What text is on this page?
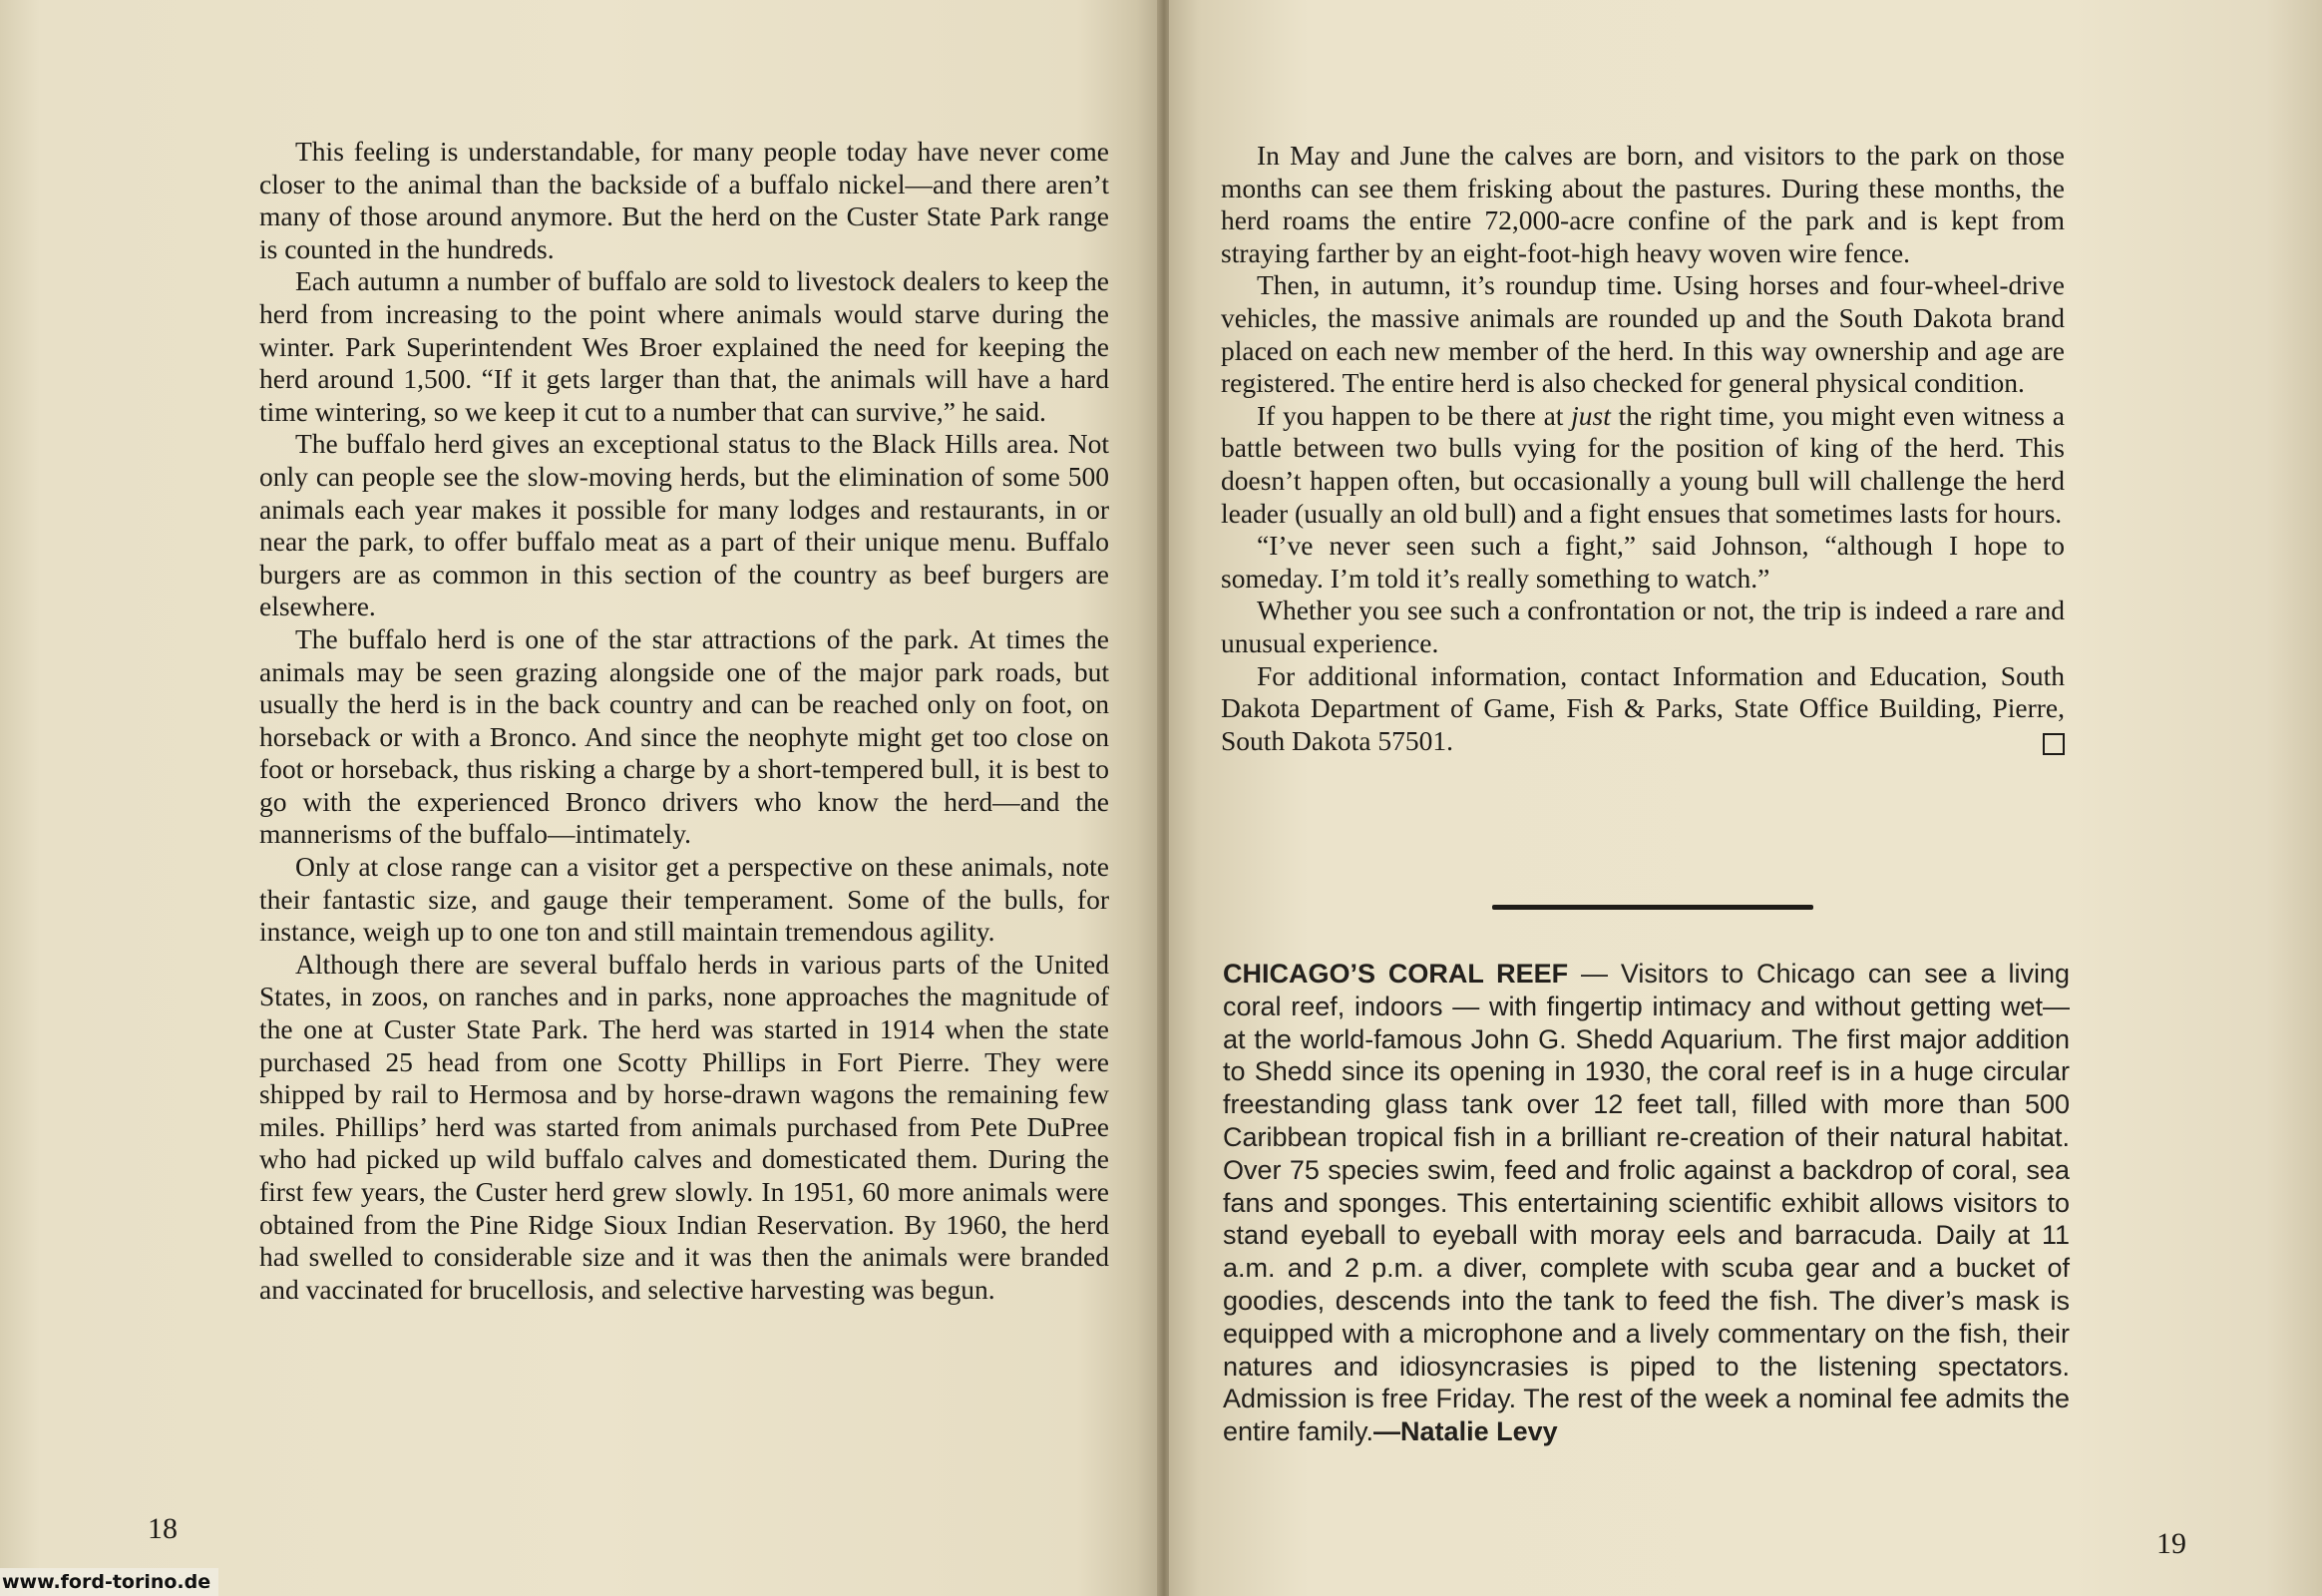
This feeling is understandable, for many people today have never come closer to the animal than the backside of a buffalo nickel—and there aren’t many of those around anymore. But the herd on the Custer State Park range is counted in the hundreds.

Each autumn a number of buffalo are sold to livestock dealers to keep the herd from increasing to the point where animals would starve during the winter. Park Superintendent Wes Broer explained the need for keeping the herd around 1,500. “If it gets larger than that, the animals will have a hard time wintering, so we keep it cut to a number that can survive,” he said.

The buffalo herd gives an exceptional status to the Black Hills area. Not only can people see the slow-moving herds, but the elimination of some 500 animals each year makes it possible for many lodges and restaurants, in or near the park, to offer buffalo meat as a part of their unique menu. Buffalo burgers are as common in this section of the country as beef burgers are elsewhere.

The buffalo herd is one of the star attractions of the park. At times the animals may be seen grazing alongside one of the major park roads, but usually the herd is in the back country and can be reached only on foot, on horseback or with a Bronco. And since the neophyte might get too close on foot or horseback, thus risking a charge by a short-tempered bull, it is best to go with the experienced Bronco drivers who know the herd—and the mannerisms of the buffalo—intimately.

Only at close range can a visitor get a perspective on these animals, note their fantastic size, and gauge their temperament. Some of the bulls, for instance, weigh up to one ton and still maintain tremendous agility.

Although there are several buffalo herds in various parts of the United States, in zoos, on ranches and in parks, none approaches the magnitude of the one at Custer State Park. The herd was started in 1914 when the state purchased 25 head from one Scotty Phillips in Fort Pierre. They were shipped by rail to Hermosa and by horse-drawn wagons the remaining few miles. Phillips’ herd was started from animals purchased from Pete DuPree who had picked up wild buffalo calves and domesticated them. During the first few years, the Custer herd grew slowly. In 1951, 60 more animals were obtained from the Pine Ridge Sioux Indian Reservation. By 1960, the herd had swelled to considerable size and it was then the animals were branded and vaccinated for brucellosis, and selective harvesting was begun.

18

In May and June the calves are born, and visitors to the park on those months can see them frisking about the pastures. During these months, the herd roams the entire 72,000-acre confine of the park and is kept from straying farther by an eight-foot-high heavy woven wire fence.

Then, in autumn, it’s roundup time. Using horses and four-wheel-drive vehicles, the massive animals are rounded up and the South Dakota brand placed on each new member of the herd. In this way ownership and age are registered. The entire herd is also checked for general physical condition.

If you happen to be there at just the right time, you might even witness a battle between two bulls vying for the position of king of the herd. This doesn’t happen often, but occasionally a young bull will challenge the herd leader (usually an old bull) and a fight ensues that sometimes lasts for hours.

“I’ve never seen such a fight,” said Johnson, “although I hope to someday. I’m told it’s really something to watch.”

Whether you see such a confrontation or not, the trip is indeed a rare and unusual experience.

For additional information, contact Information and Education, South Dakota Department of Game, Fish & Parks, State Office Building, Pierre, South Dakota 57501.

CHICAGO’S CORAL REEF — Visitors to Chicago can see a living coral reef, indoors — with fingertip intimacy and without getting wet—at the world-famous John G. Shedd Aquarium. The first major addition to Shedd since its opening in 1930, the coral reef is in a huge circular freestanding glass tank over 12 feet tall, filled with more than 500 Caribbean tropical fish in a brilliant re-creation of their natural habitat. Over 75 species swim, feed and frolic against a backdrop of coral, sea fans and sponges. This entertaining scientific exhibit allows visitors to stand eyeball to eyeball with moray eels and barracuda. Daily at 11 a.m. and 2 p.m. a diver, complete with scuba gear and a bucket of goodies, descends into the tank to feed the fish. The diver’s mask is equipped with a microphone and a lively commentary on the fish, their natures and idiosyncrasies is piped to the listening spectators. Admission is free Friday. The rest of the week a nominal fee admits the entire family.—Natalie Levy

19
www.ford-torino.de
